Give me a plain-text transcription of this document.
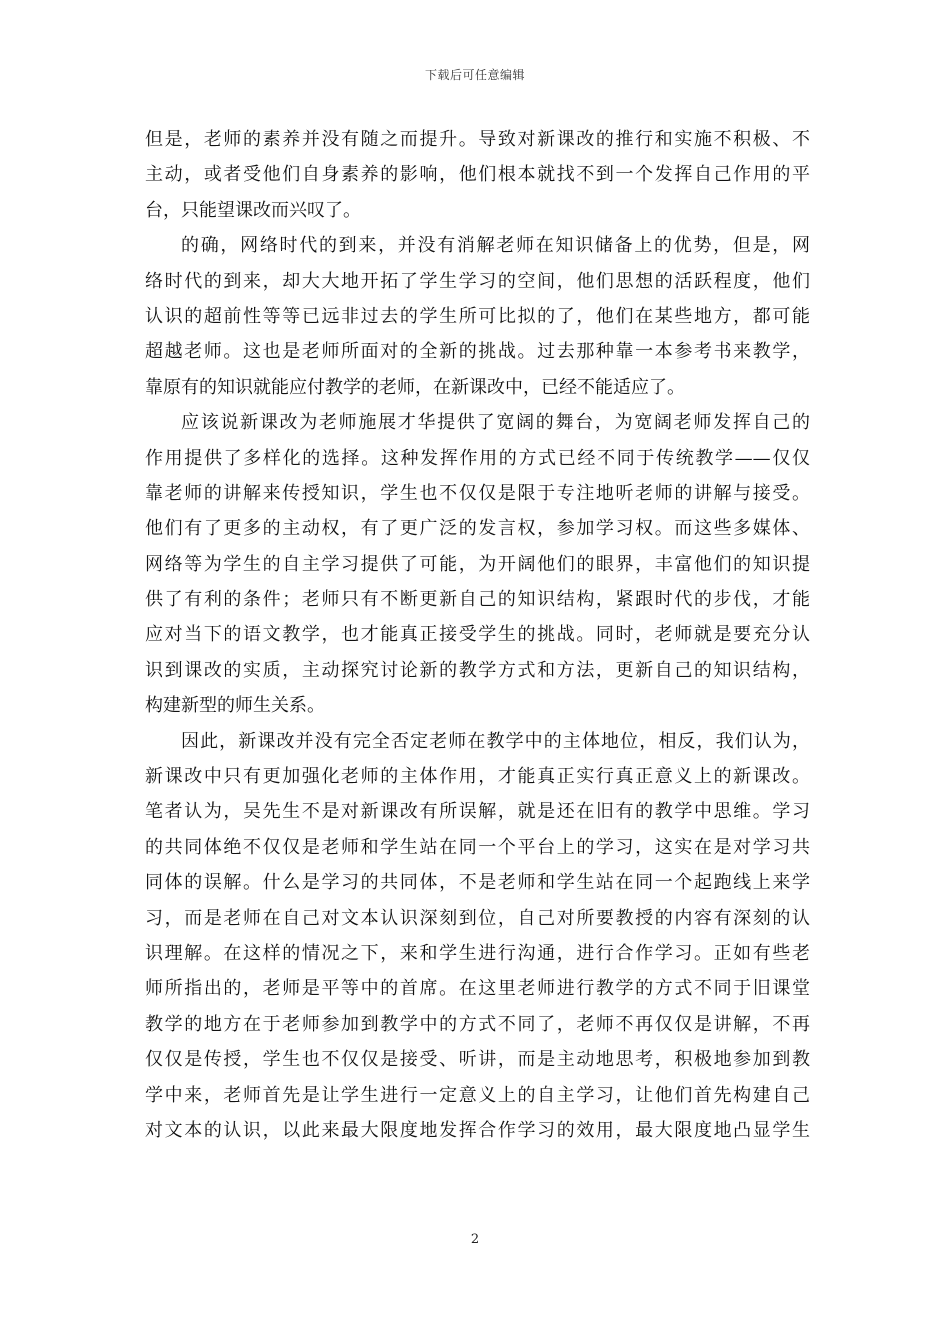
下载后可任意编辑
但是，老师的素养并没有随之而提升。导致对新课改的推行和实施不积极、不
主动，或者受他们自身素养的影响，他们根本就找不到一个发挥自己作用的平
台，只能望课改而兴叹了。
的确，网络时代的到来，并没有消解老师在知识储备上的优势，但是，网
络时代的到来，却大大地开拓了学生学习的空间，他们思想的活跃程度，他们
认识的超前性等等已远非过去的学生所可比拟的了，他们在某些地方，都可能
超越老师。这也是老师所面对的全新的挑战。过去那种靠一本参考书来教学，
靠原有的知识就能应付教学的老师，在新课改中，已经不能适应了。
应该说新课改为老师施展才华提供了宽阔的舞台，为宽阔老师发挥自己的
作用提供了多样化的选择。这种发挥作用的方式已经不同于传统教学——仅仅
靠老师的讲解来传授知识，学生也不仅仅是限于专注地听老师的讲解与接受。
他们有了更多的主动权，有了更广泛的发言权，参加学习权。而这些多媒体、
网络等为学生的自主学习提供了可能，为开阔他们的眼界，丰富他们的知识提
供了有利的条件；老师只有不断更新自己的知识结构，紧跟时代的步伐，才能
应对当下的语文教学，也才能真正接受学生的挑战。同时，老师就是要充分认
识到课改的实质，主动探究讨论新的教学方式和方法，更新自己的知识结构，
构建新型的师生关系。
因此，新课改并没有完全否定老师在教学中的主体地位，相反，我们认为，
新课改中只有更加强化老师的主体作用，才能真正实行真正意义上的新课改。
笔者认为，吴先生不是对新课改有所误解，就是还在旧有的教学中思维。学习
的共同体绝不仅仅是老师和学生站在同一个平台上的学习，这实在是对学习共
同体的误解。什么是学习的共同体，不是老师和学生站在同一个起跑线上来学
习，而是老师在自己对文本认识深刻到位，自己对所要教授的内容有深刻的认
识理解。在这样的情况之下，来和学生进行沟通，进行合作学习。正如有些老
师所指出的，老师是平等中的首席。在这里老师进行教学的方式不同于旧课堂
教学的地方在于老师参加到教学中的方式不同了，老师不再仅仅是讲解，不再
仅仅是传授，学生也不仅仅是接受、听讲，而是主动地思考，积极地参加到教
学中来，老师首先是让学生进行一定意义上的自主学习，让他们首先构建自己
对文本的认识，以此来最大限度地发挥合作学习的效用，最大限度地凸显学生
2
